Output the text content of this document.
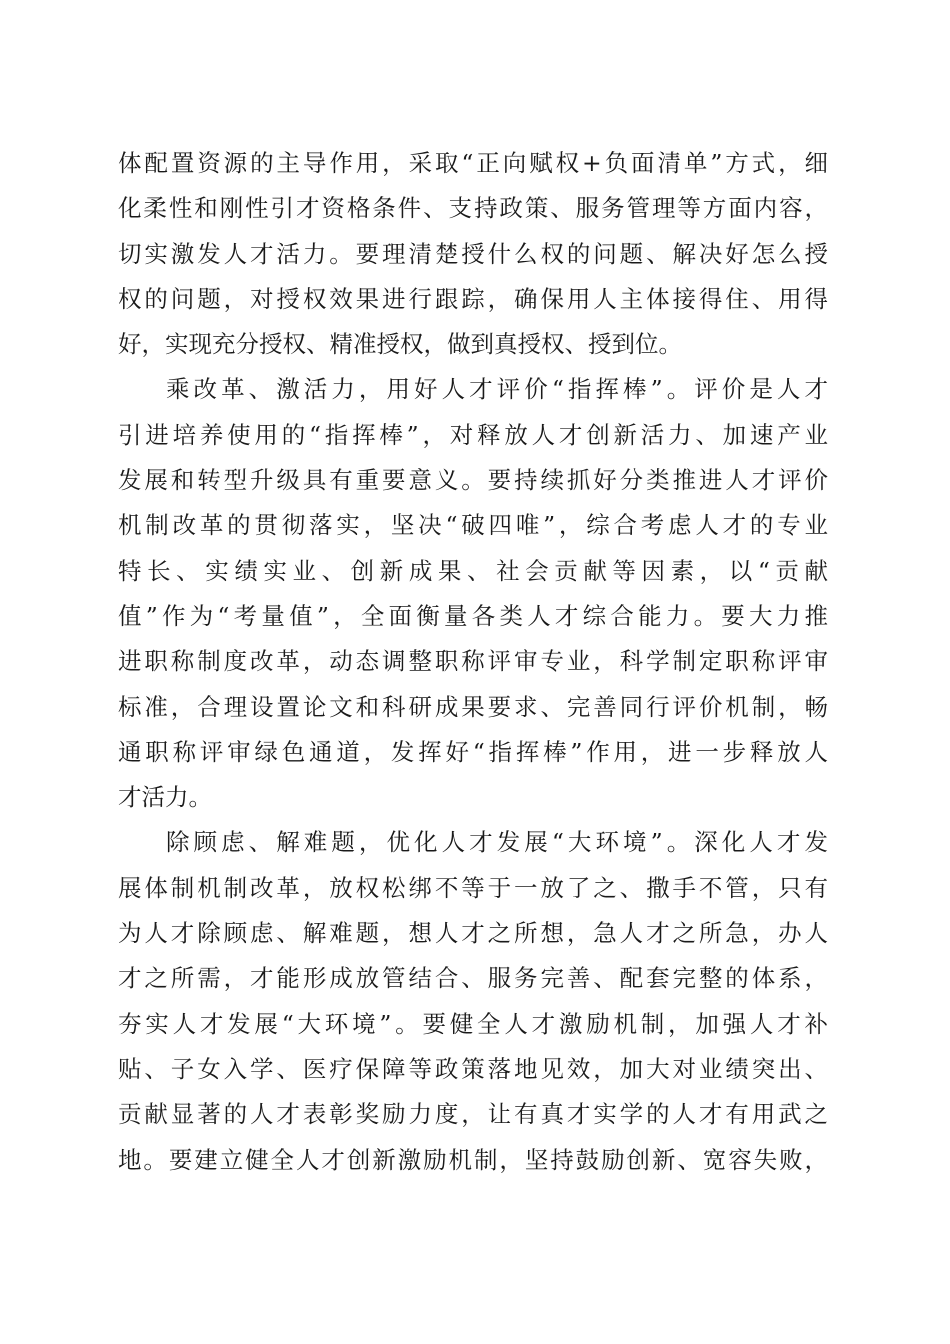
体配置资源的主导作用，采取“正向赋权+负面清单”方式，细
化柔性和刚性引才资格条件、支持政策、服务管理等方面内容，
切实激发人才活力。要理清楚授什么权的问题、解决好怎么授
权的问题，对授权效果进行跟踪，确保用人主体接得住、用得
好，实现充分授权、精准授权，做到真授权、授到位。
乘改革、激活力，用好人才评价“指挥棒”。评价是人才
引进培养使用的“指挥棒”，对释放人才创新活力、加速产业
发展和转型升级具有重要意义。要持续抓好分类推进人才评价
机制改革的贯彻落实，坚决“破四唯”，综合考虑人才的专业
特长、实绩实业、创新成果、社会贡献等因素，以“贡献
值”作为“考量值”，全面衡量各类人才综合能力。要大力推
进职称制度改革，动态调整职称评审专业，科学制定职称评审
标准，合理设置论文和科研成果要求、完善同行评价机制，畅
通职称评审绿色通道，发挥好“指挥棒”作用，进一步释放人
才活力。
除顾虑、解难题，优化人才发展“大环境”。深化人才发
展体制机制改革，放权松绑不等于一放了之、撒手不管，只有
为人才除顾虑、解难题，想人才之所想，急人才之所急，办人
才之所需，才能形成放管结合、服务完善、配套完整的体系，
夯实人才发展“大环境”。要健全人才激励机制，加强人才补
贴、子女入学、医疗保障等政策落地见效，加大对业绩突出、
贡献显著的人才表彰奖励力度，让有真才实学的人才有用武之
地。要建立健全人才创新激励机制，坚持鼓励创新、宽容失败，
